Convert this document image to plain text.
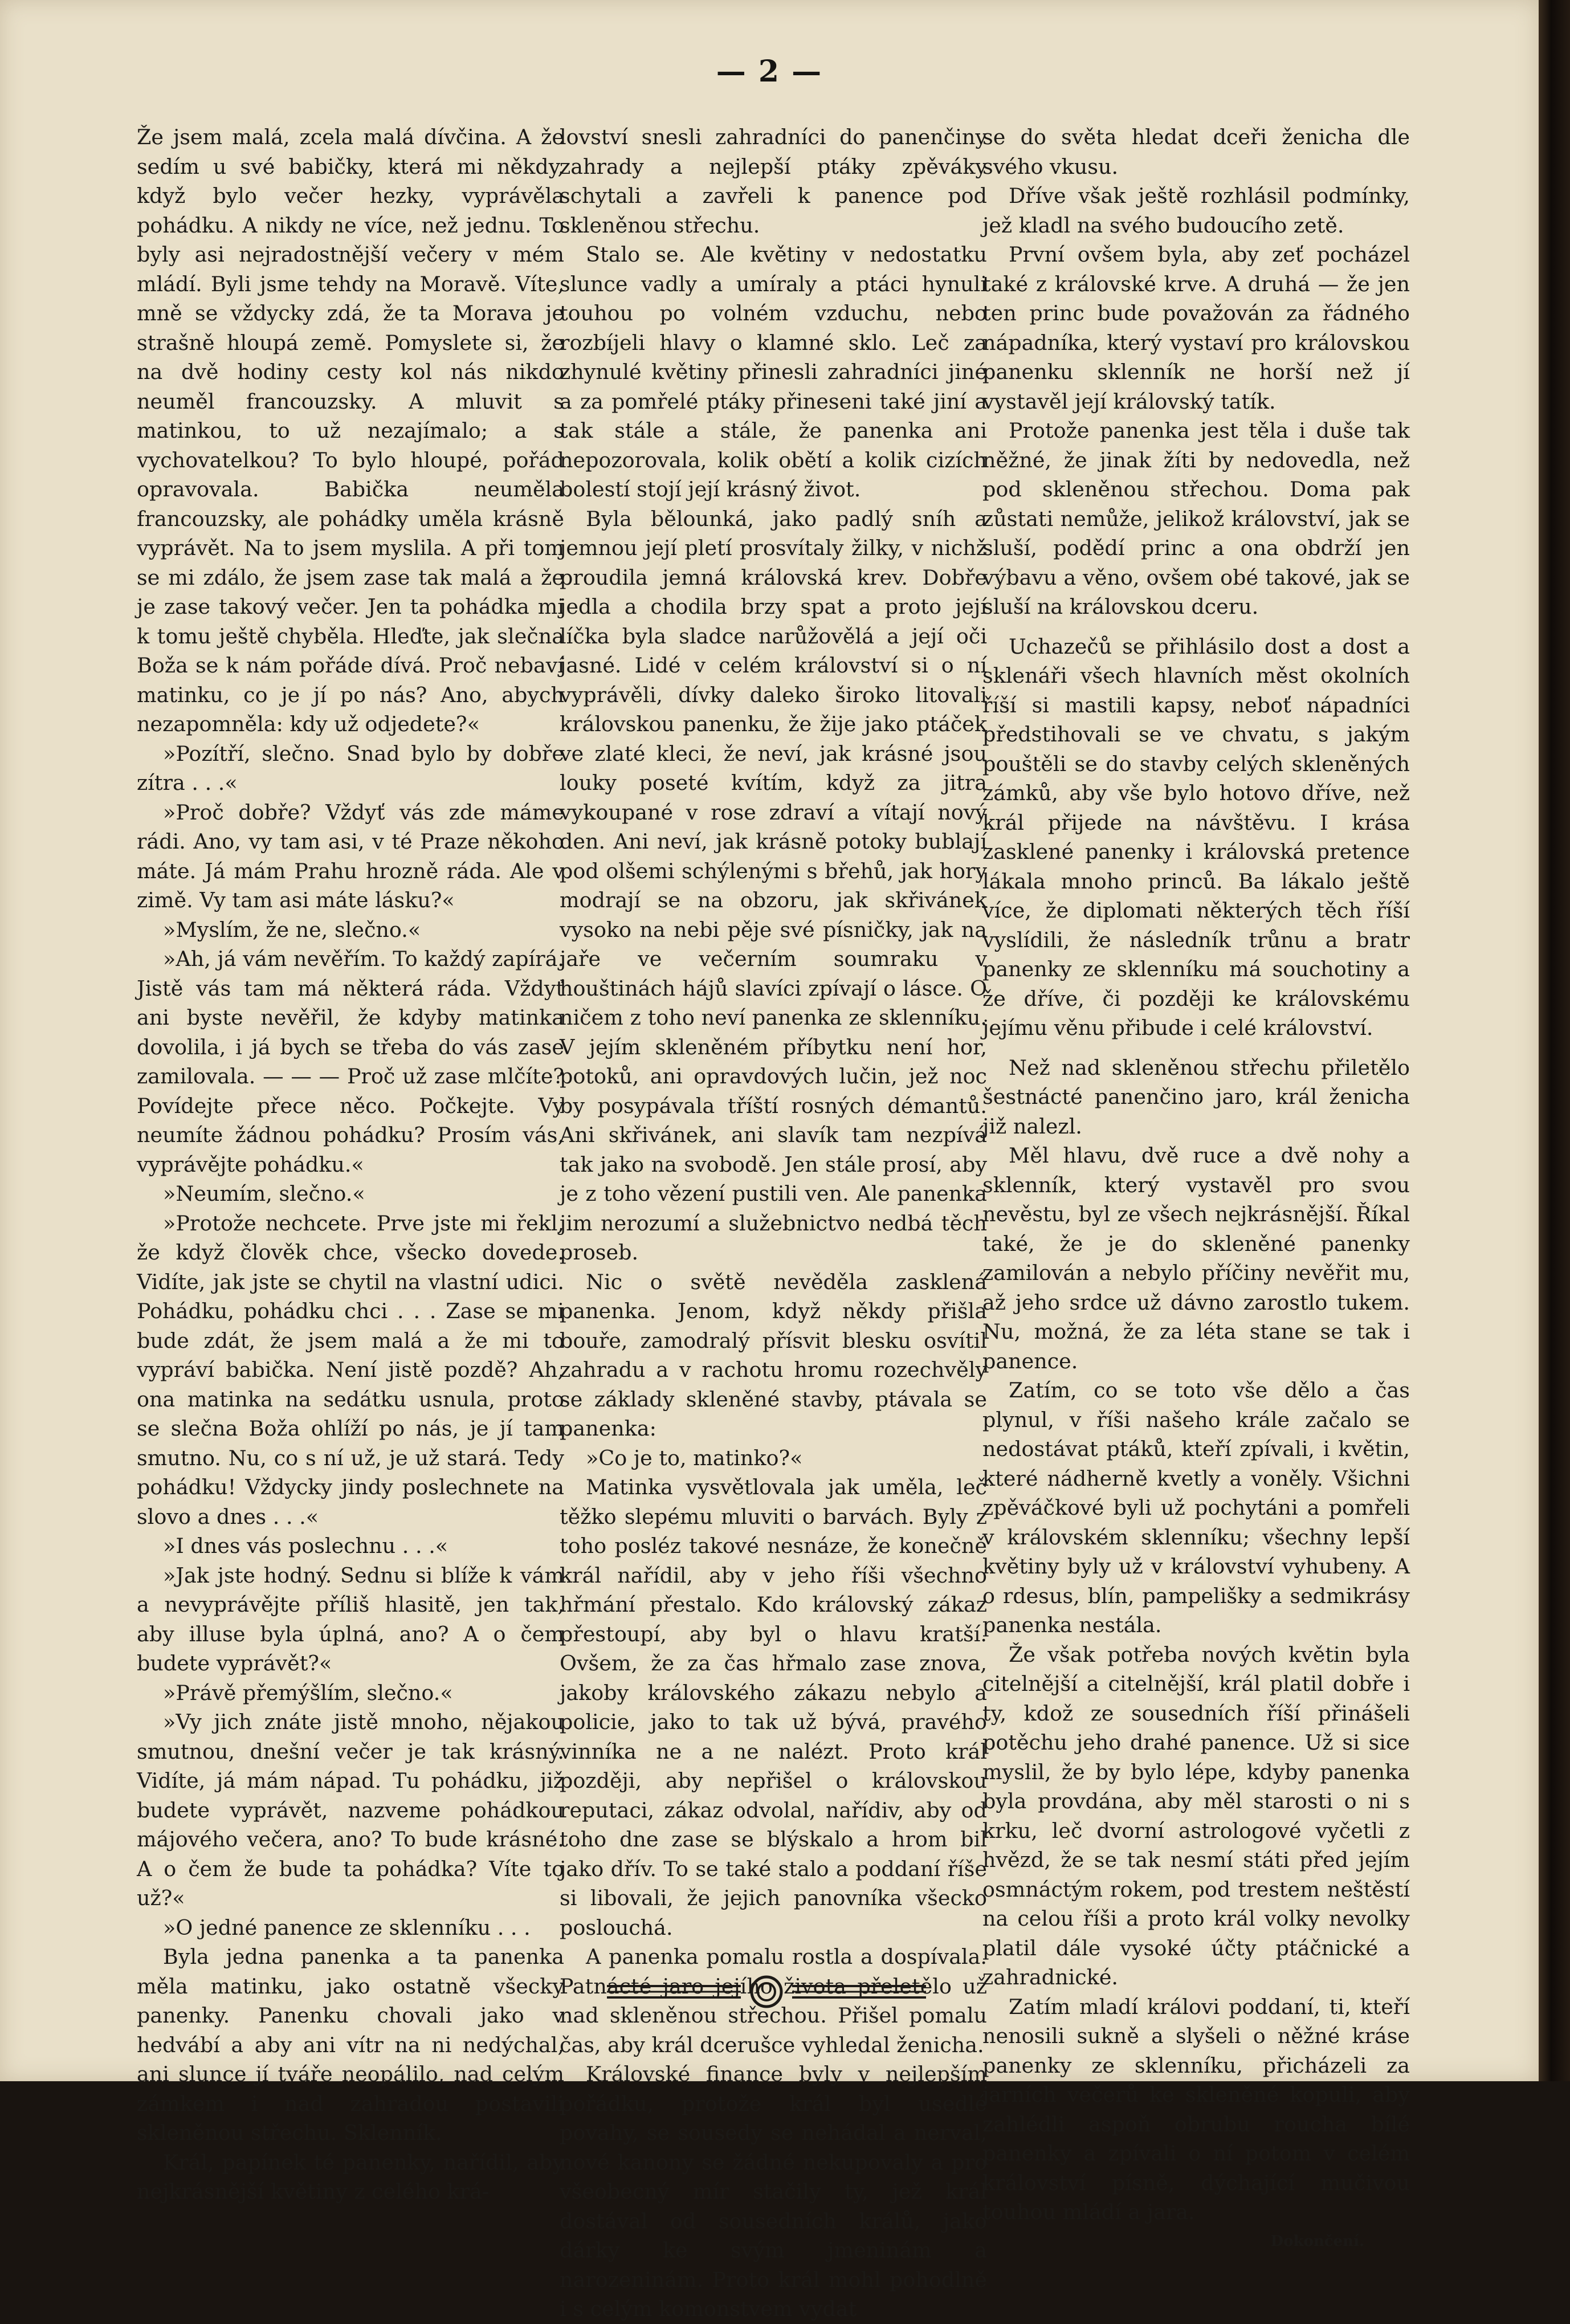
— 2 —

Že jsem malá, zcela malá dívčina. A že sedím u své babičky, která mi někdy, když bylo večer hezky, vyprávěla pohádku. A nikdy ne více, než jednu. To byly asi nejradostnější večery v mém mládí. Byli jsme tehdy na Moravě. Víte, mně se vždycky zdá, že ta Morava je strašně hloupá země. Pomyslete si, že na dvě hodiny cesty kol nás nikdo neuměl francouzsky. A mluvit s matinkou, to už nezajímalo; a s vychovatelkou? To bylo hloupé, pořád opravovala. Babička neuměla francouzsky, ale pohádky uměla krásně vyprávět. Na to jsem myslila. A při tom se mi zdálo, že jsem zase tak malá a že je zase takový večer. Jen ta pohádka mi k tomu ještě chyběla. Hleďte, jak slečna Boža se k nám pořáde dívá. Proč nebaví matinku, co je jí po nás? Ano, abych nezapomněla: kdy už odjedete?«

»Pozítří, slečno. Snad bylo by dobře zítra . . .«

»Proč dobře? Vždyť vás zde máme rádi. Ano, vy tam asi, v té Praze někoho máte. Já mám Prahu hrozně ráda. Ale v zimě. Vy tam asi máte lásku?«

»Myslím, že ne, slečno.«

»Ah, já vám nevěřím. To každý zapírá. Jistě vás tam má některá ráda. Vždyť ani byste nevěřil, že kdyby matinka dovolila, i já bych se třeba do vás zase zamilovala. — — — Proč už zase mlčíte? Povídejte přece něco. Počkejte. Vy neumíte žádnou pohádku? Prosím vás, vyprávějte pohádku.«

»Neumím, slečno.«

»Protože nechcete. Prve jste mi řekl, že když člověk chce, všecko dovede. Vidíte, jak jste se chytil na vlastní udici. Pohádku, pohádku chci . . . Zase se mi bude zdát, že jsem malá a že mi to vypráví babička. Není jistě pozdě? Ah, ona matinka na sedátku usnula, proto se slečna Boža ohlíží po nás, je jí tam smutno. Nu, co s ní už, je už stará. Tedy pohádku! Vždycky jindy poslechnete na slovo a dnes . . .«

»I dnes vás poslechnu . . .«

»Jak jste hodný. Sednu si blíže k vám a nevyprávějte příliš hlasitě, jen tak, aby illuse byla úplná, ano? A o čem budete vyprávět?«

»Právě přemýšlím, slečno.«

»Vy jich znáte jistě mnoho, nějakou smutnou, dnešní večer je tak krásný. Vidíte, já mám nápad. Tu pohádku, již budete vyprávět, nazveme pohádkou májového večera, ano? To bude krásné. A o čem že bude ta pohádka? Víte to už?«

»O jedné panence ze sklenníku . . .

Byla jedna panenka a ta panenka měla matinku, jako ostatně všecky panenky. Panenku chovali jako v hedvábí a aby ani vítr na ni nedýchal, ani slunce jí tváře neopálilo, nad celým zámkem i nad zahradou postavili skleněnou střechu. Sklenník.

Král, papínek té panenky, nařídil, aby nejkrásnější květiny z celého krá-

lovství snesli zahradníci do panenčiny zahrady a nejlepší ptáky zpěváky schytali a zavřeli k panence pod skleněnou střechu.

Stalo se. Ale květiny v nedostatku slunce vadly a umíraly a ptáci hynuli touhou po volném vzduchu, nebo rozbíjeli hlavy o klamné sklo. Leč za zhynulé květiny přinesli zahradníci jiné a za pomřelé ptáky přineseni také jiní a tak stále a stále, že panenka ani nepozorovala, kolik obětí a kolik cizích bolestí stojí její krásný život.

Byla bělounká, jako padlý sníh a jemnou její pletí prosvítaly žilky, v nichž proudila jemná královská krev. Dobře jedla a chodila brzy spat a proto její líčka byla sladce narůžovělá a její oči jasné. Lidé v celém království si o ní vyprávěli, dívky daleko široko litovali královskou panenku, že žije jako ptáček ve zlaté kleci, že neví, jak krásné jsou louky poseté kvítím, když za jitra vykoupané v rose zdraví a vítají nový den. Ani neví, jak krásně potoky bublají pod olšemi schýlenými s břehů, jak hory modrají se na obzoru, jak skřivánek vysoko na nebi pěje své písničky, jak na jaře ve večerním soumraku v houštinách hájů slavíci zpívají o lásce. O ničem z toho neví panenka ze sklenníku. V jejím skleněném příbytku není hor, potoků, ani opravdových lučin, jež noc by posypávala tříští rosných démantů. Ani skřivánek, ani slavík tam nezpívá tak jako na svobodě. Jen stále prosí, aby je z toho vězení pustili ven. Ale panenka jim nerozumí a služebnictvo nedbá těch proseb.

Nic o světě nevěděla zasklená panenka. Jenom, když někdy přišla bouře, zamodralý přísvit blesku osvítil zahradu a v rachotu hromu rozechvěly se základy skleněné stavby, ptávala se panenka:

»Co je to, matinko?«

Matinka vysvětlovala jak uměla, leč těžko slepému mluviti o barvách. Byly z toho posléz takové nesnáze, že konečně král nařídil, aby v jeho říši všechno hřmání přestalo. Kdo královský zákaz přestoupí, aby byl o hlavu kratší. Ovšem, že za čas hřmalo zase znova, jakoby královského zákazu nebylo a policie, jako to tak už bývá, pravého vinníka ne a ne nalézt. Proto král později, aby nepřišel o královskou reputaci, zákaz odvolal, nařídiv, aby od toho dne zase se blýskalo a hrom bil jako dřív. To se také stalo a poddaní říše si libovali, že jejich panovníka všecko poslouchá.

A panenka pomalu rostla a dospívala. Patnácté jaro jejího života přeletělo už nad skleněnou střechou. Přišel pomalu čas, aby král dcerušce vyhledal ženicha.

Královské finance byly v nejlepším pořádku, protože král byl usedlé povahy, se sousedy se nehádal a nerval, nové kanony se žádné nekupovaly a pro všeobecný mír stačily ty, jež král dostával od sousedních králů, jako dárky ke svým jmeninám a narozeninám. Proto král mohl pohodlně i s celým komonstvem vydat

se do světa hledat dceři ženicha dle svého vkusu.

Dříve však ještě rozhlásil podmínky, jež kladl na svého budoucího zetě.

První ovšem byla, aby zeť pocházel také z královské krve. A druhá — že jen ten princ bude považován za řádného nápadníka, který vystaví pro královskou panenku sklenník ne horší než jí vystavěl její královský tatík.

Protože panenka jest těla i duše tak něžné, že jinak žíti by nedovedla, než pod skleněnou střechou. Doma pak zůstati nemůže, jelikož království, jak se sluší, podědí princ a ona obdrží jen výbavu a věno, ovšem obé takové, jak se sluší na královskou dceru.

Uchazečů se přihlásilo dost a dost a sklenáři všech hlavních měst okolních říší si mastili kapsy, neboť nápadníci předstihovali se ve chvatu, s jakým pouštěli se do stavby celých skleněných zámků, aby vše bylo hotovo dříve, než král přijede na návštěvu. I krása zasklené panenky i královská pretence lákala mnoho princů. Ba lákalo ještě více, že diplomati některých těch říší vyslídili, že následník trůnu a bratr panenky ze sklenníku má souchotiny a že dříve, či později ke královskému jejímu věnu přibude i celé království.

Než nad skleněnou střechu přiletělo šestnácté panenčino jaro, král ženicha již nalezl.

Měl hlavu, dvě ruce a dvě nohy a sklenník, který vystavěl pro svou nevěstu, byl ze všech nejkrásnější. Říkal také, že je do skleněné panenky zamilován a nebylo příčiny nevěřit mu, až jeho srdce už dávno zarostlo tukem. Nu, možná, že za léta stane se tak i panence.

Zatím, co se toto vše dělo a čas plynul, v říši našeho krále začalo se nedostávat ptáků, kteří zpívali, i květin, které nádherně kvetly a voněly. Všichni zpěváčkové byli už pochytáni a pomřeli v královském sklenníku; všechny lepší květiny byly už v království vyhubeny. A o rdesus, blín, pampelišky a sedmikrásy panenka nestála.

Že však potřeba nových květin byla citelnější a citelnější, král platil dobře i ty, kdož ze sousedních říší přinášeli potěchu jeho drahé panence. Už si sice myslil, že by bylo lépe, kdyby panenka byla provdána, aby měl starosti o ni s krku, leč dvorní astrologové vyčetli z hvězd, že se tak nesmí státi před jejím osmnáctým rokem, pod trestem neštěstí na celou říši a proto král volky nevolky platil dále vysoké účty ptáčnické a zahradnické.

Zatím mladí královi poddaní, ti, kteří nenosili sukně a slyšeli o něžné kráse panenky ze sklenníku, přicházeli za jarních večerů ke skleněné kopuli, aby zahlédli aspoň obrubu roucha bílé panenky a zpívali o ní potom v celém království písně, dýchající mučivou touhou mládí a jara.

Dokončení.
